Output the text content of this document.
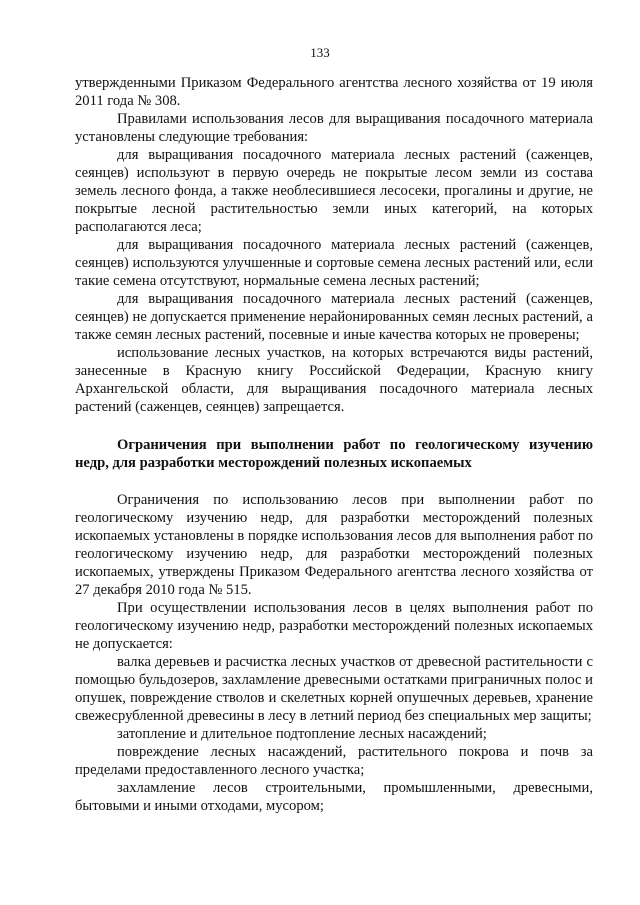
133

утвержденными Приказом Федерального агентства лесного хозяйства от 19 июля 2011 года № 308.

Правилами использования лесов для выращивания посадочного материала установлены следующие требования:

для выращивания посадочного материала лесных растений (саженцев, сеянцев) используют в первую очередь не покрытые лесом земли из состава земель лесного фонда, а также необлесившиеся лесосеки, прогалины и другие, не покрытые лесной растительностью земли иных категорий, на которых располагаются леса;

для выращивания посадочного материала лесных растений (саженцев, сеянцев) используются улучшенные и сортовые семена лесных растений или, если такие семена отсутствуют, нормальные семена лесных растений;

для выращивания посадочного материала лесных растений (саженцев, сеянцев) не допускается применение нерайонированных семян лесных растений, а также семян лесных растений, посевные и иные качества которых не проверены;

использование лесных участков, на которых встречаются виды растений, занесенные в Красную книгу Российской Федерации, Красную книгу Архангельской области, для выращивания посадочного материала лесных растений (саженцев, сеянцев) запрещается.

Ограничения при выполнении работ по геологическому изучению недр, для разработки месторождений полезных ископаемых

Ограничения по использованию лесов при выполнении работ по геологическому изучению недр, для разработки месторождений полезных ископаемых установлены в порядке использования лесов для выполнения работ по геологическому изучению недр, для разработки месторождений полезных ископаемых, утверждены Приказом Федерального агентства лесного хозяйства от 27 декабря 2010 года № 515.

При осуществлении использования лесов в целях выполнения работ по геологическому изучению недр, разработки месторождений полезных ископаемых не допускается:

валка деревьев и расчистка лесных участков от древесной растительности с помощью бульдозеров, захламление древесными остатками приграничных полос и опушек, повреждение стволов и скелетных корней опушечных деревьев, хранение свежесрубленной древесины в лесу в летний период без специальных мер защиты;

затопление и длительное подтопление лесных насаждений;

повреждение лесных насаждений, растительного покрова и почв за пределами предоставленного лесного участка;

захламление лесов строительными, промышленными, древесными, бытовыми и иными отходами, мусором;
